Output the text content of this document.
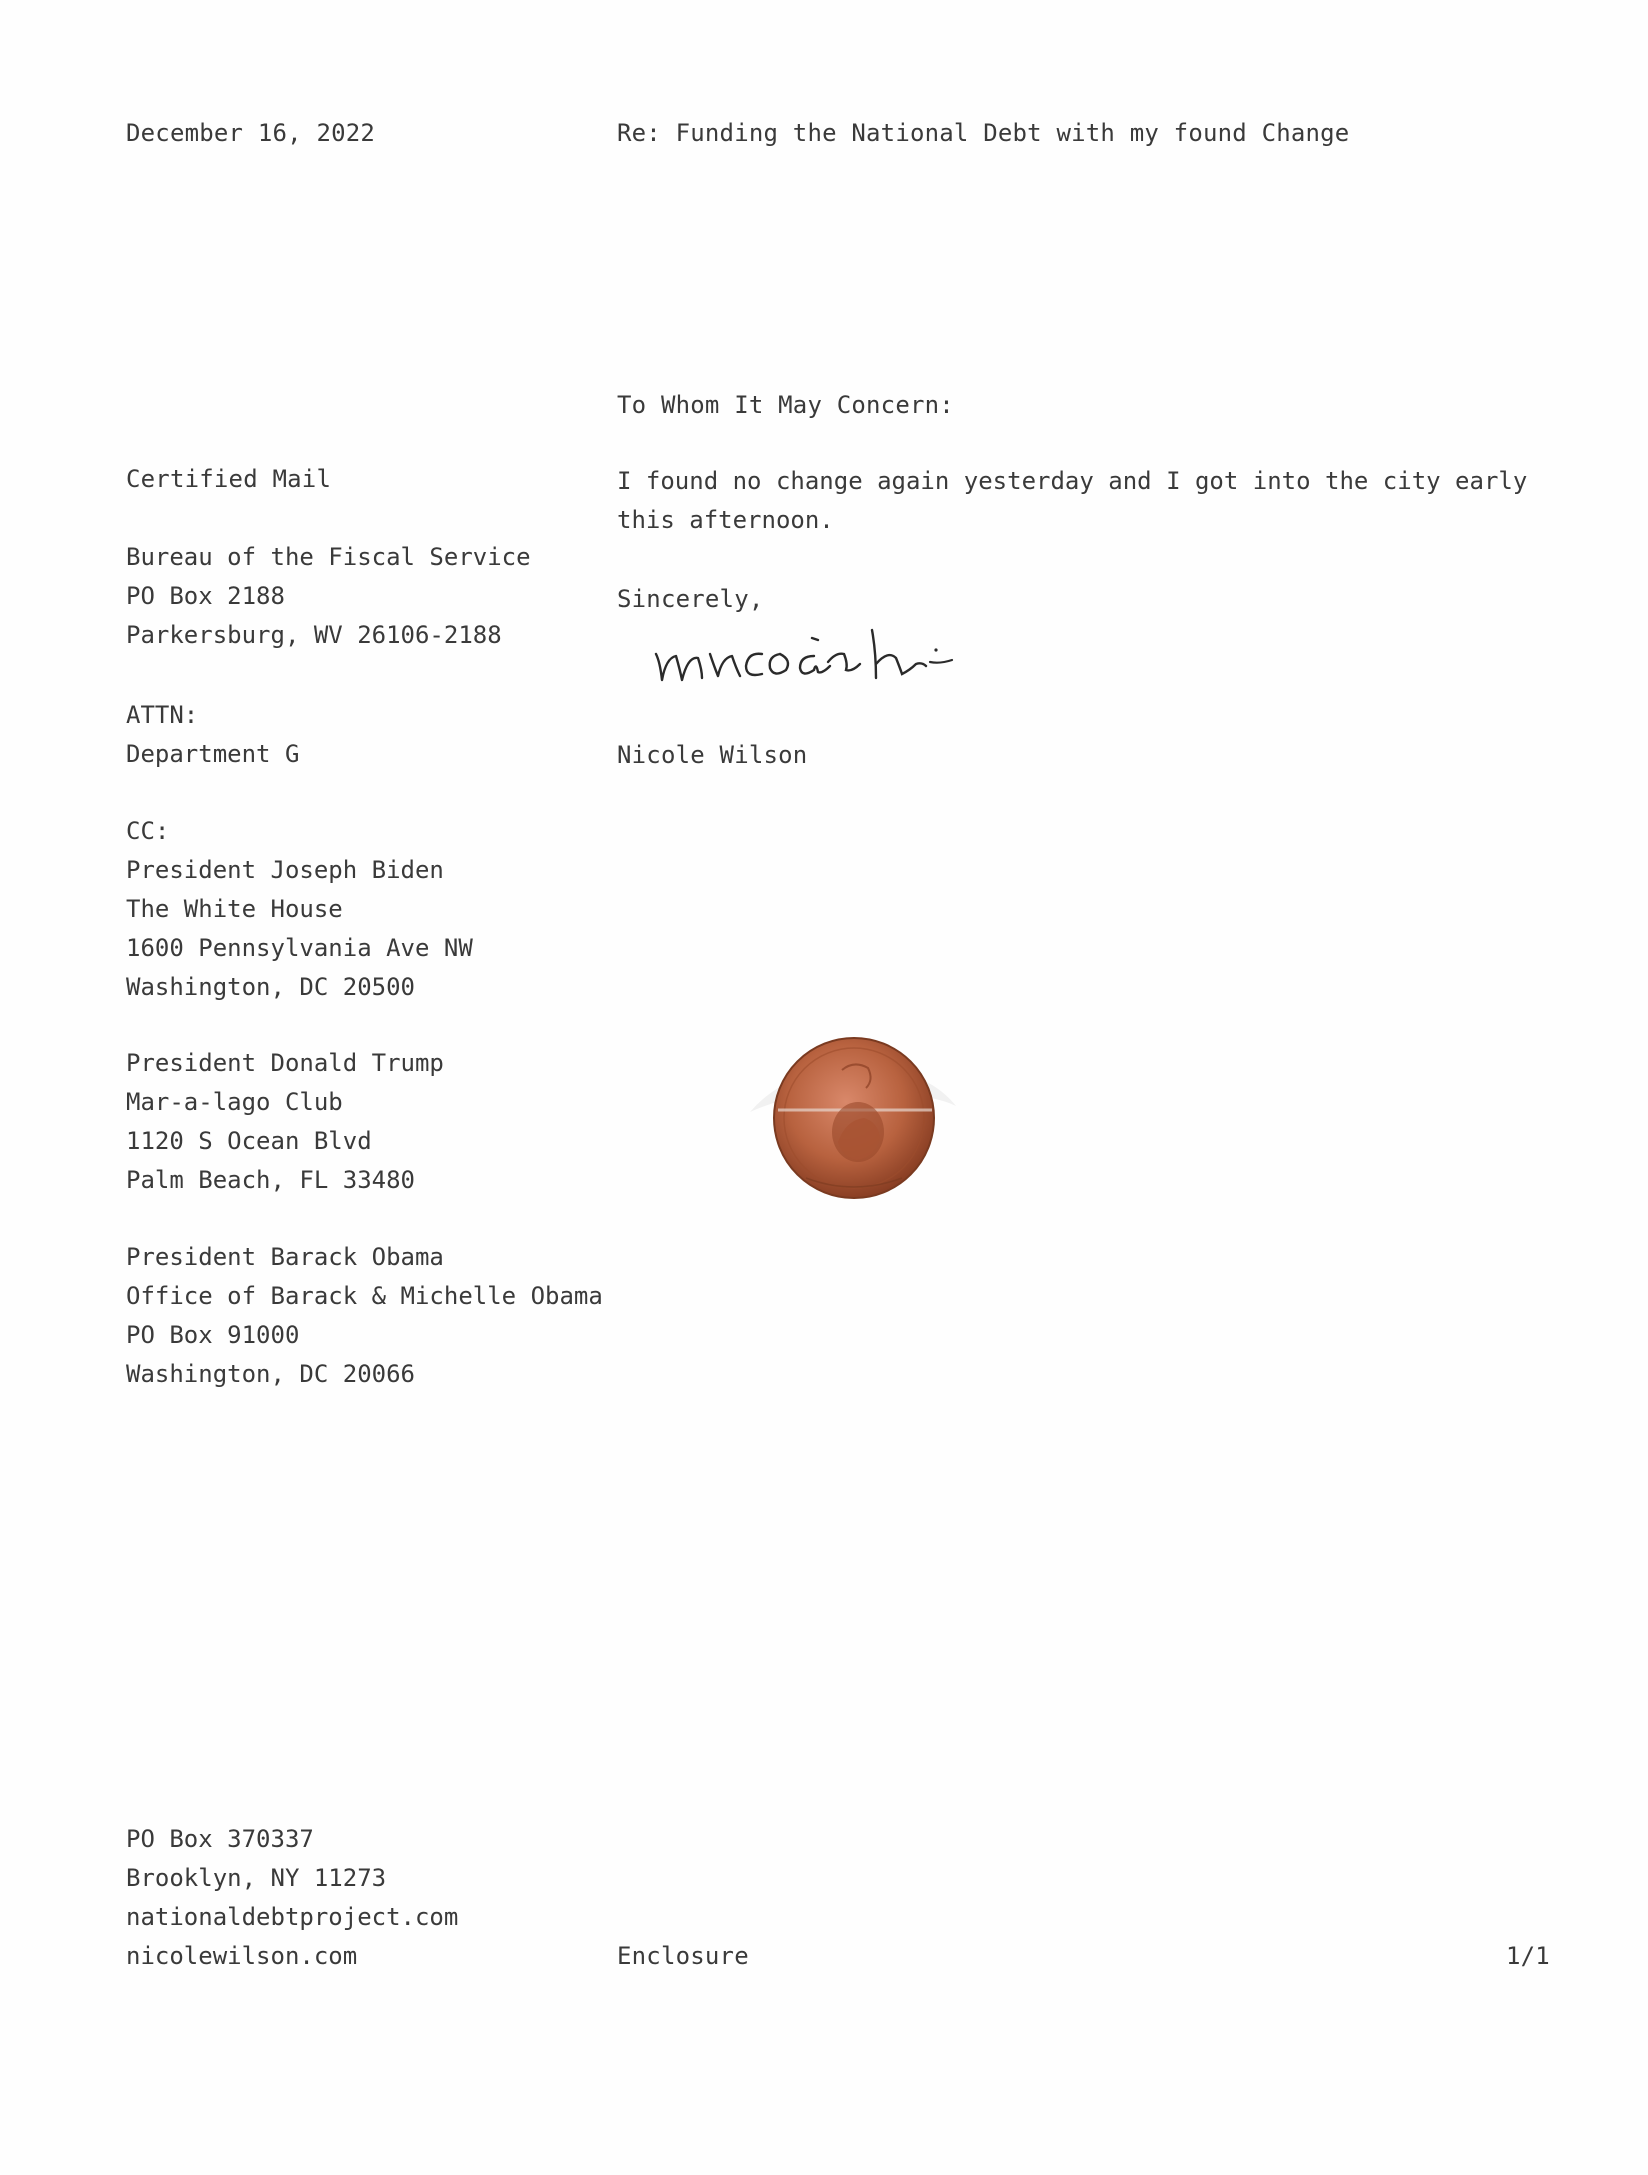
December 16, 2022	Re: Funding the National Debt with my found Change
To Whom It May Concern:
I found no change again yesterday and I got into the city early
this afternoon.
Sincerely,
Nicole Wilson
Certified Mail
Bureau of the Fiscal Service
PO Box 2188
Parkersburg, WV 26106-2188
ATTN:
Department G
CC:
President Joseph Biden
The White House
1600 Pennsylvania Ave NW
Washington, DC 20500
President Donald Trump
Mar-a-lago Club
1120 S Ocean Blvd
Palm Beach, FL 33480
President Barack Obama
Office of Barack & Michelle Obama
PO Box 91000
Washington, DC 20066
PO Box 370337
Brooklyn, NY 11273
nationaldebtproject.com
nicolewilson.com	Enclosure	1/1
